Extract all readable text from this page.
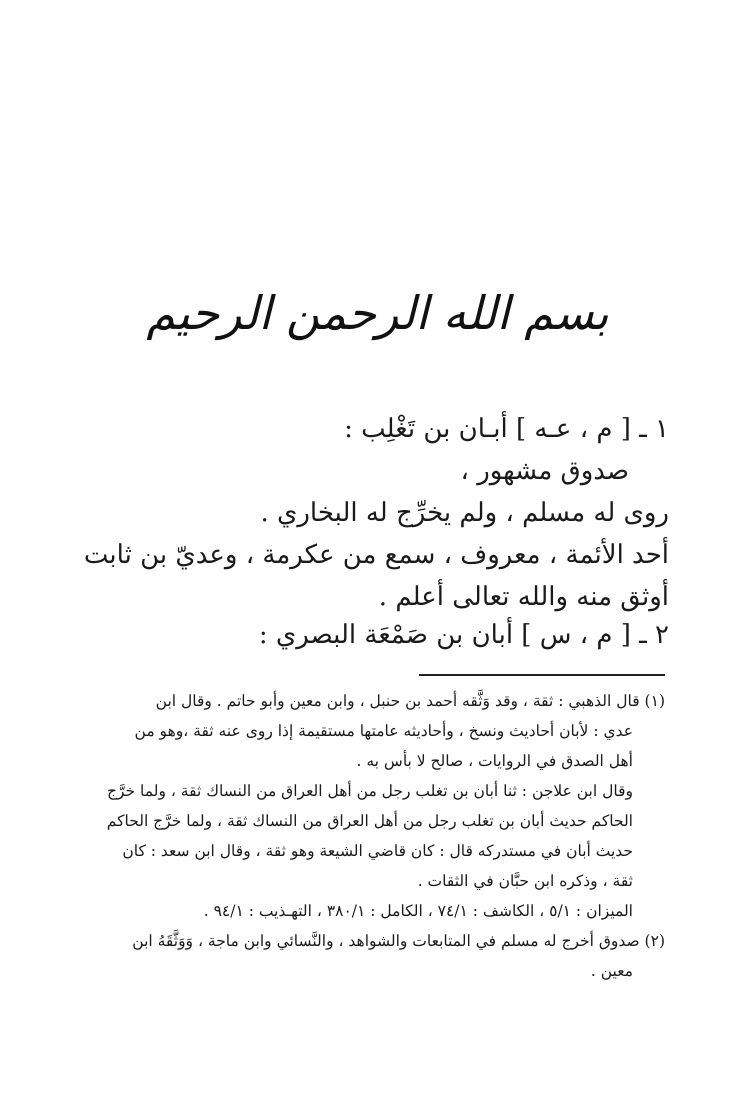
بسم الله الرحمن الرحيم
١ ـ [ م ، عـه ] أبـان بن تَغْلِب :
صدوق مشهور ،
روى له مسلم ، ولم يخرِّج له البخاري .
أحد الأئمة ، معروف ، سمع من عكرمة ، وعديّ بن ثابت
أوثق منه والله تعالى أعلم .
٢ ـ [ م ، س ] أبان بن صَمْعَة البصري :
(١) قال الذهبي : ثقة ، وقد وَثَّقه أحمد بن حنبل ، وابن معين وأبو حاتم . وقال ابن
عدي : لأبان أحاديث ونسخ ، وأحاديثه عامتها مستقيمة إذا روى عنه ثقة ،وهو من
أهل الصدق في الروايات ، صالح لا بأس به .
وقال ابن علاجن : ثنا أبان بن تغلب رجل من أهل العراق من النساك ثقة ، ولما خرَّج
الحاكم حديث أبان بن تغلب رجل من أهل العراق من النساك ثقة ، ولما خرَّج الحاكم
حديث أبان في مستدركه قال : كان قاضي الشيعة وهو ثقة ، وقال ابن سعد : كان
ثقة ، وذكره ابن حبَّان في الثقات .
الميزان : ٥/١ ، الكاشف : ٧٤/١ ، الكامل : ٣٨٠/١ ، التهـذيب : ٩٤/١ .
(٢) صدوق أخرج له مسلم في المتابعات والشواهد ، والنَّسائي وابن ماجة ، وَوَثَّقَهُ ابن
معين .
